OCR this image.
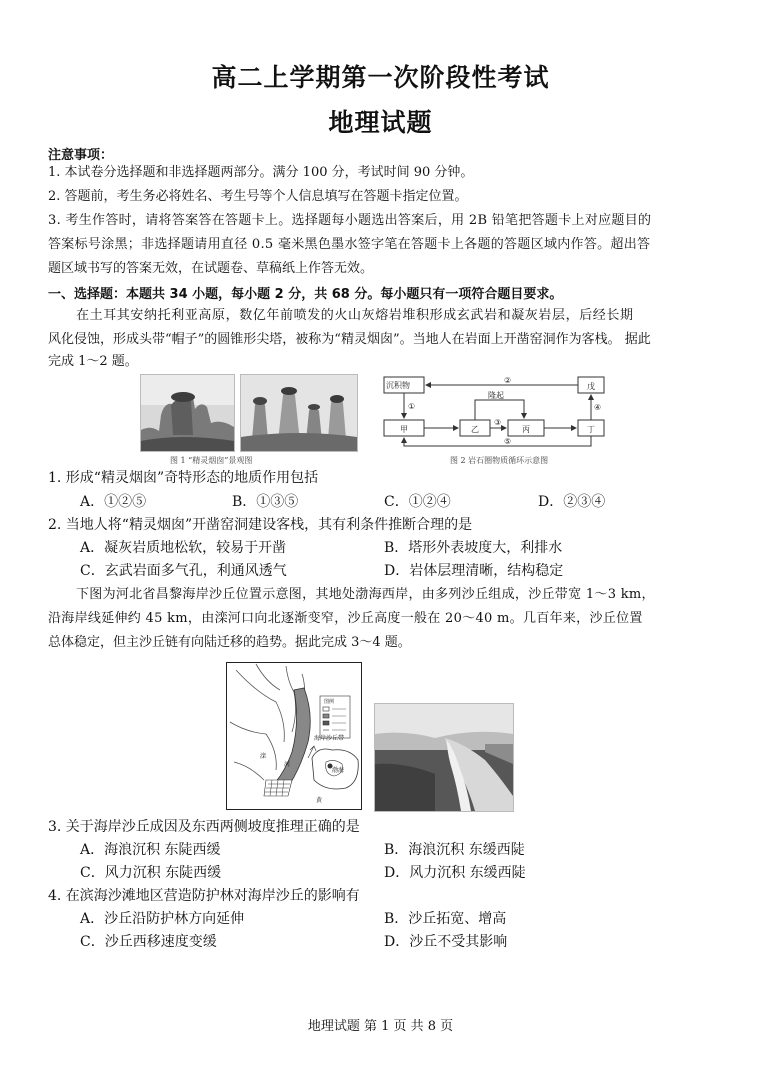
高二上学期第一次阶段性考试
地理试题
注意事项：
1. 本试卷分选择题和非选择题两部分。满分 100 分，考试时间 90 分钟。
2. 答题前，考生务必将姓名、考生号等个人信息填写在答题卡指定位置。
3. 考生作答时，请将答案答在答题卡上。选择题每小题选出答案后，用 2B 铅笔把答题卡上对应题目的
答案标号涂黑；非选择题请用直径 0.5 毫米黑色墨水签字笔在答题卡上各题的答题区域内作答。超出答
题区域书写的答案无效，在试题卷、草稿纸上作答无效。
一、选择题：本题共 34 小题，每小题 2 分，共 68 分。每小题只有一项符合题目要求。
在土耳其安纳托利亚高原，数亿年前喷发的火山灰熔岩堆积形成玄武岩和凝灰岩层，后经长期
风化侵蚀，形成头带“帽子”的圆锥形尖塔，被称为“精灵烟囱”。当地人在岩面上开凿窑洞作为客栈。 据此
完成 1～2 题。
图 1 “精灵烟囱”景观图
沉积物
甲	乙	丙	丁
戊
①
②
③
④
⑤
隆起
图 2 岩石圈物质循环示意图
1. 形成“精灵烟囱”奇特形态的地质作用包括
A．①②⑤	B．①③⑤	C．①②④	D．②③④
2. 当地人将“精灵烟囱”开凿窑洞建设客栈，其有利条件推断合理的是
A．凝灰岩质地松软，较易于开凿	B．塔形外表坡度大，利排水
C．玄武岩面多气孔，利通风透气	D．岩体层理清晰，结构稳定
下图为河北省昌黎海岸沙丘位置示意图，其地处渤海西岸，由多列沙丘组成，沙丘带宽 1～3 km，
沿海岸线延伸约 45 km，由滦河口向北逐渐变窄，沙丘高度一般在 20～40 m。几百年来，沙丘位置
总体稳定，但主沙丘链有向陆迁移的趋势。据此完成 3～4 题。
图例
海岸沙丘带
渤海
滦
河
黄
3. 关于海岸沙丘成因及东西两侧坡度推理正确的是
A．海浪沉积 东陡西缓	B．海浪沉积 东缓西陡
C．风力沉积 东陡西缓	D．风力沉积 东缓西陡
4. 在滨海沙滩地区营造防护林对海岸沙丘的影响有
A．沙丘沿防护林方向延伸	B．沙丘拓宽、增高
C．沙丘西移速度变缓	D．沙丘不受其影响
地理试题 第 1 页 共 8 页
